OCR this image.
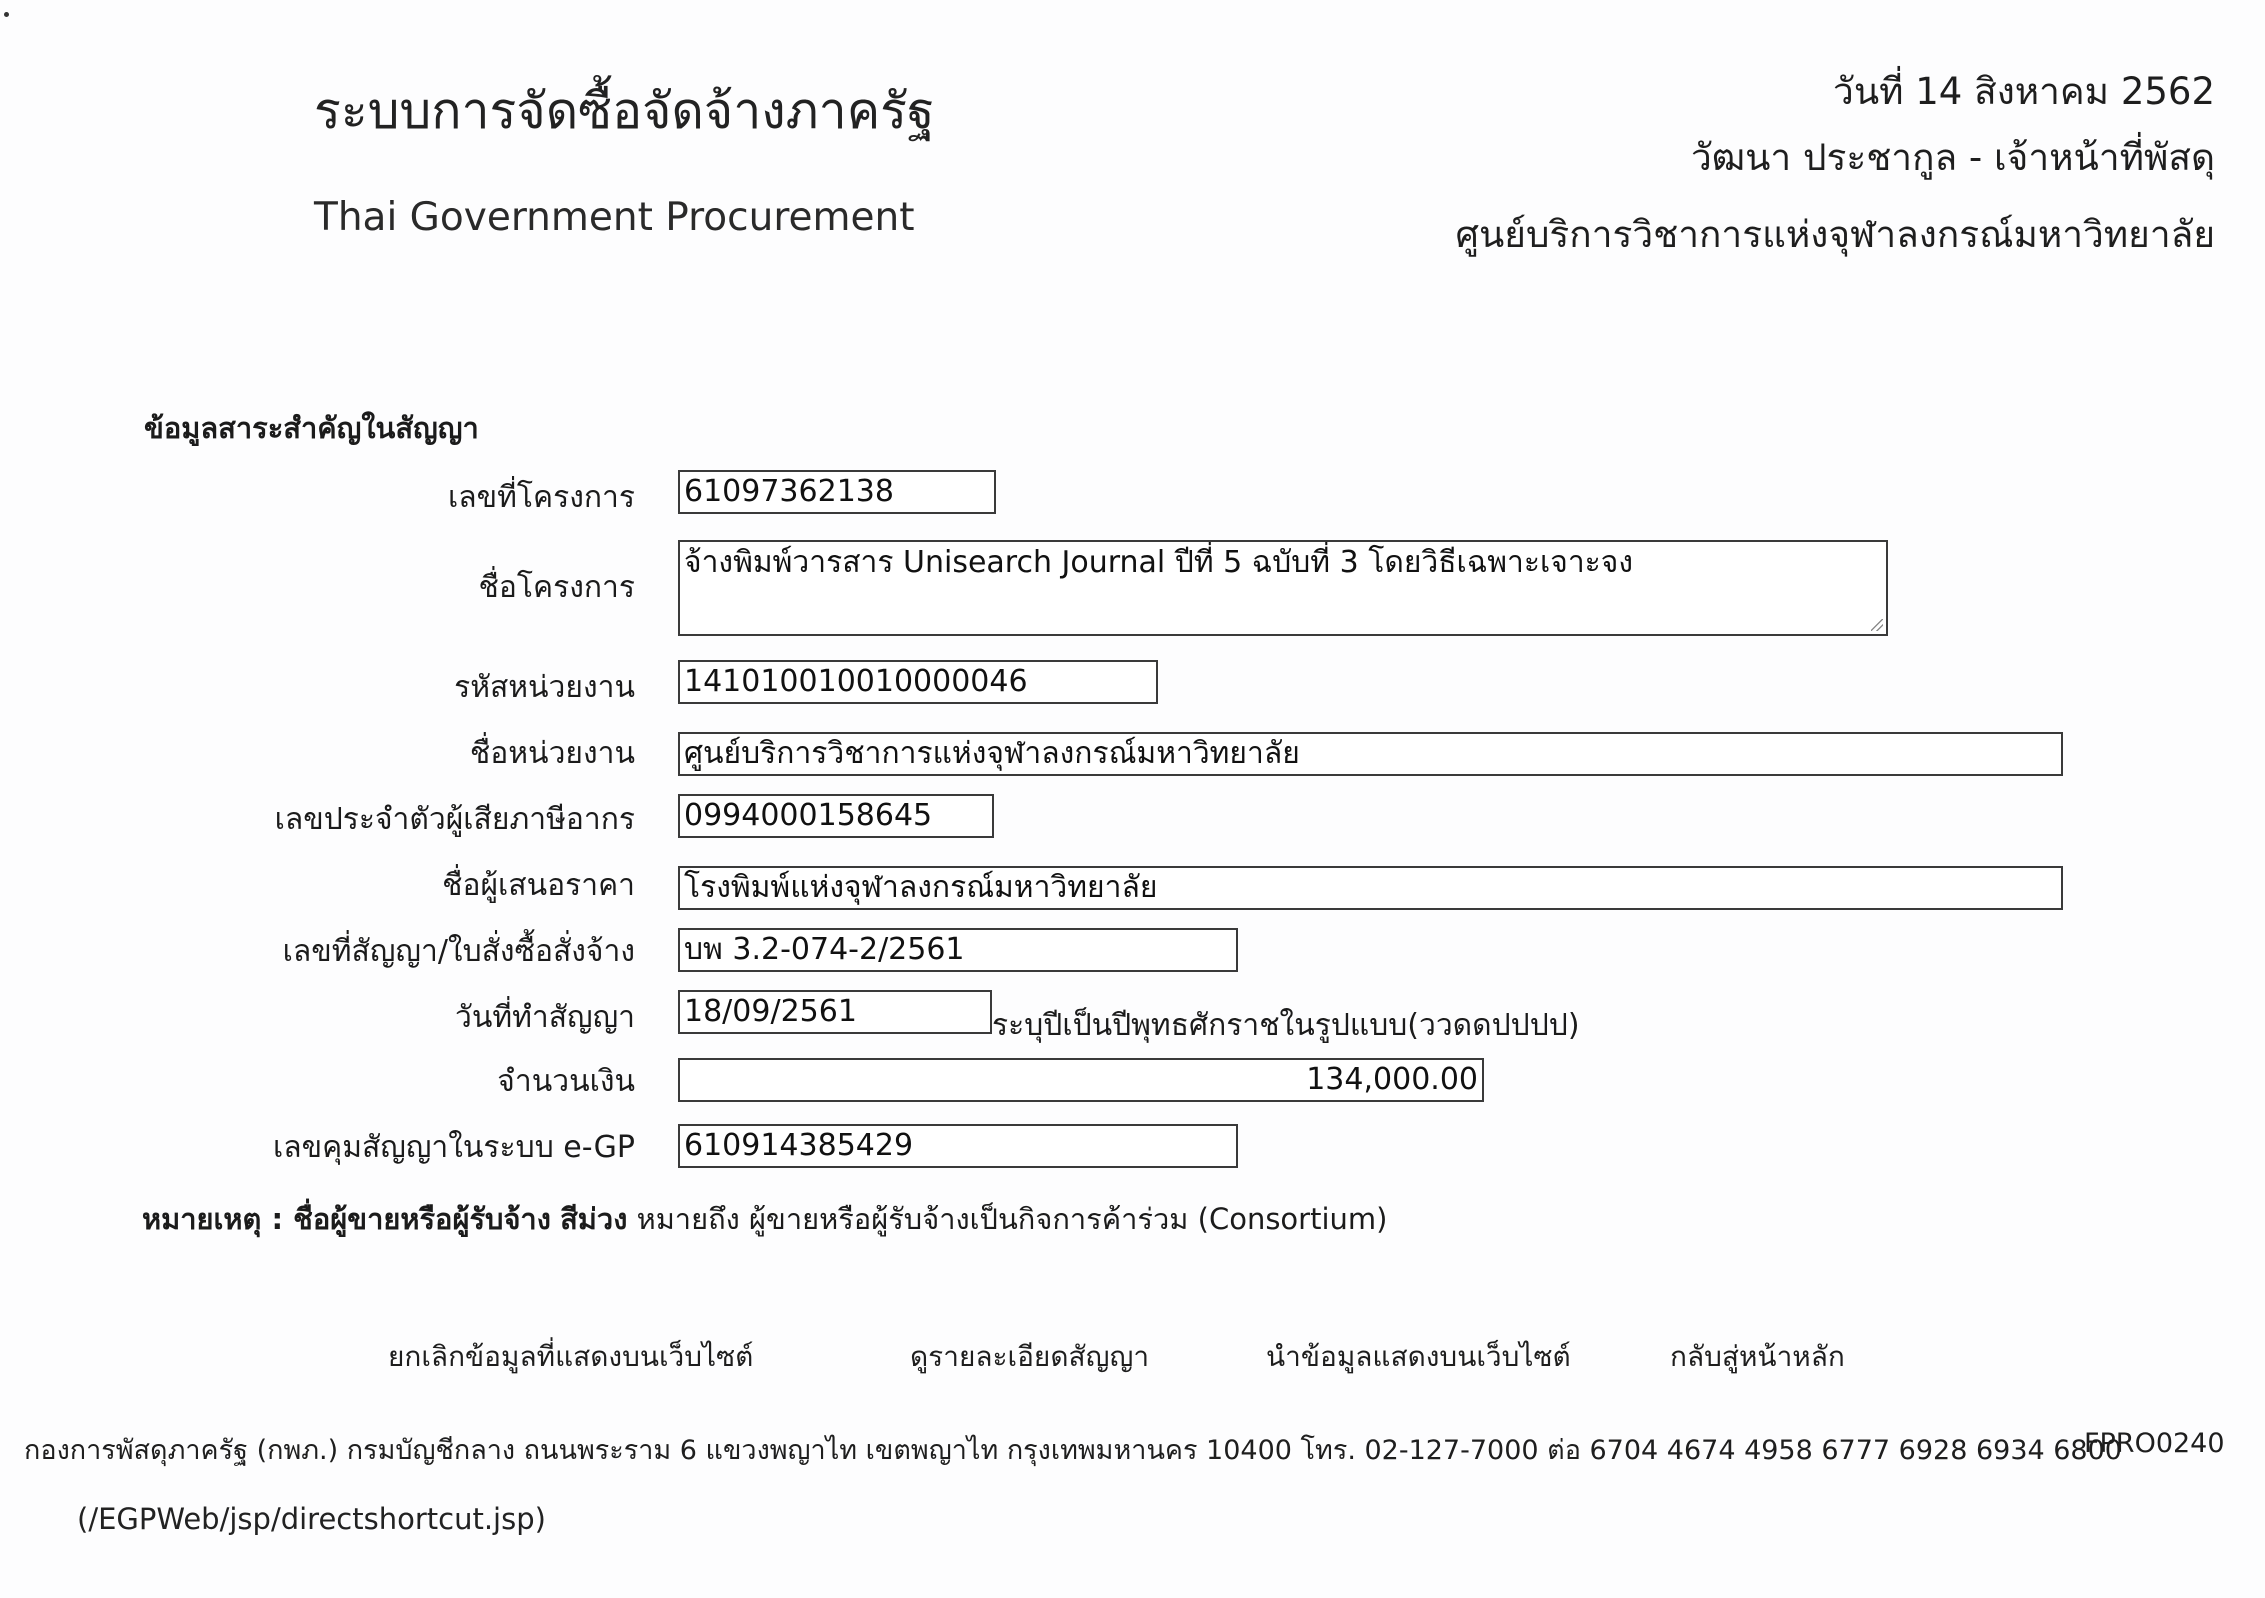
ระบบการจัดซื้อจัดจ้างภาครัฐ
Thai Government Procurement
วันที่ 14 สิงหาคม 2562
วัฒนา ประชากูล - เจ้าหน้าที่พัสดุ
ศูนย์บริการวิชาการแห่งจุฬาลงกรณ์มหาวิทยาลัย
ข้อมูลสาระสำคัญในสัญญา
เลขที่โครงการ 61097362138
ชื่อโครงการ
จ้างพิมพ์วารสาร Unisearch Journal ปีที่ 5 ฉบับที่ 3 โดยวิธีเฉพาะเจาะจง
รหัสหน่วยงาน 141010010010000046
ชื่อหน่วยงาน ศูนย์บริการวิชาการแห่งจุฬาลงกรณ์มหาวิทยาลัย
เลขประจำตัวผู้เสียภาษีอากร 0994000158645
ชื่อผู้เสนอราคา โรงพิมพ์แห่งจุฬาลงกรณ์มหาวิทยาลัย
เลขที่สัญญา/ใบสั่งซื้อสั่งจ้าง บพ 3.2-074-2/2561
วันที่ทำสัญญา 18/09/2561	ระบุปีเป็นปีพุทธศักราชในรูปแบบ(ววดดปปปป)
จำนวนเงิน	134,000.00
เลขคุมสัญญาในระบบ e-GP 610914385429
หมายเหตุ : ชื่อผู้ขายหรือผู้รับจ้าง สีม่วง หมายถึง ผู้ขายหรือผู้รับจ้างเป็นกิจการค้าร่วม (Consortium)
ยกเลิกข้อมูลที่แสดงบนเว็บไซต์	ดูรายละเอียดสัญญา	นำข้อมูลแสดงบนเว็บไซต์	กลับสู่หน้าหลัก
กองการพัสดุภาครัฐ (กพภ.) กรมบัญชีกลาง ถนนพระราม 6 แขวงพญาไท เขตพญาไท กรุงเทพมหานคร 10400 โทร. 02-127-7000 ต่อ 6704 4674 4958 6777 6928 6934 6800
FPRO0240
(/EGPWeb/jsp/directshortcut.jsp)
